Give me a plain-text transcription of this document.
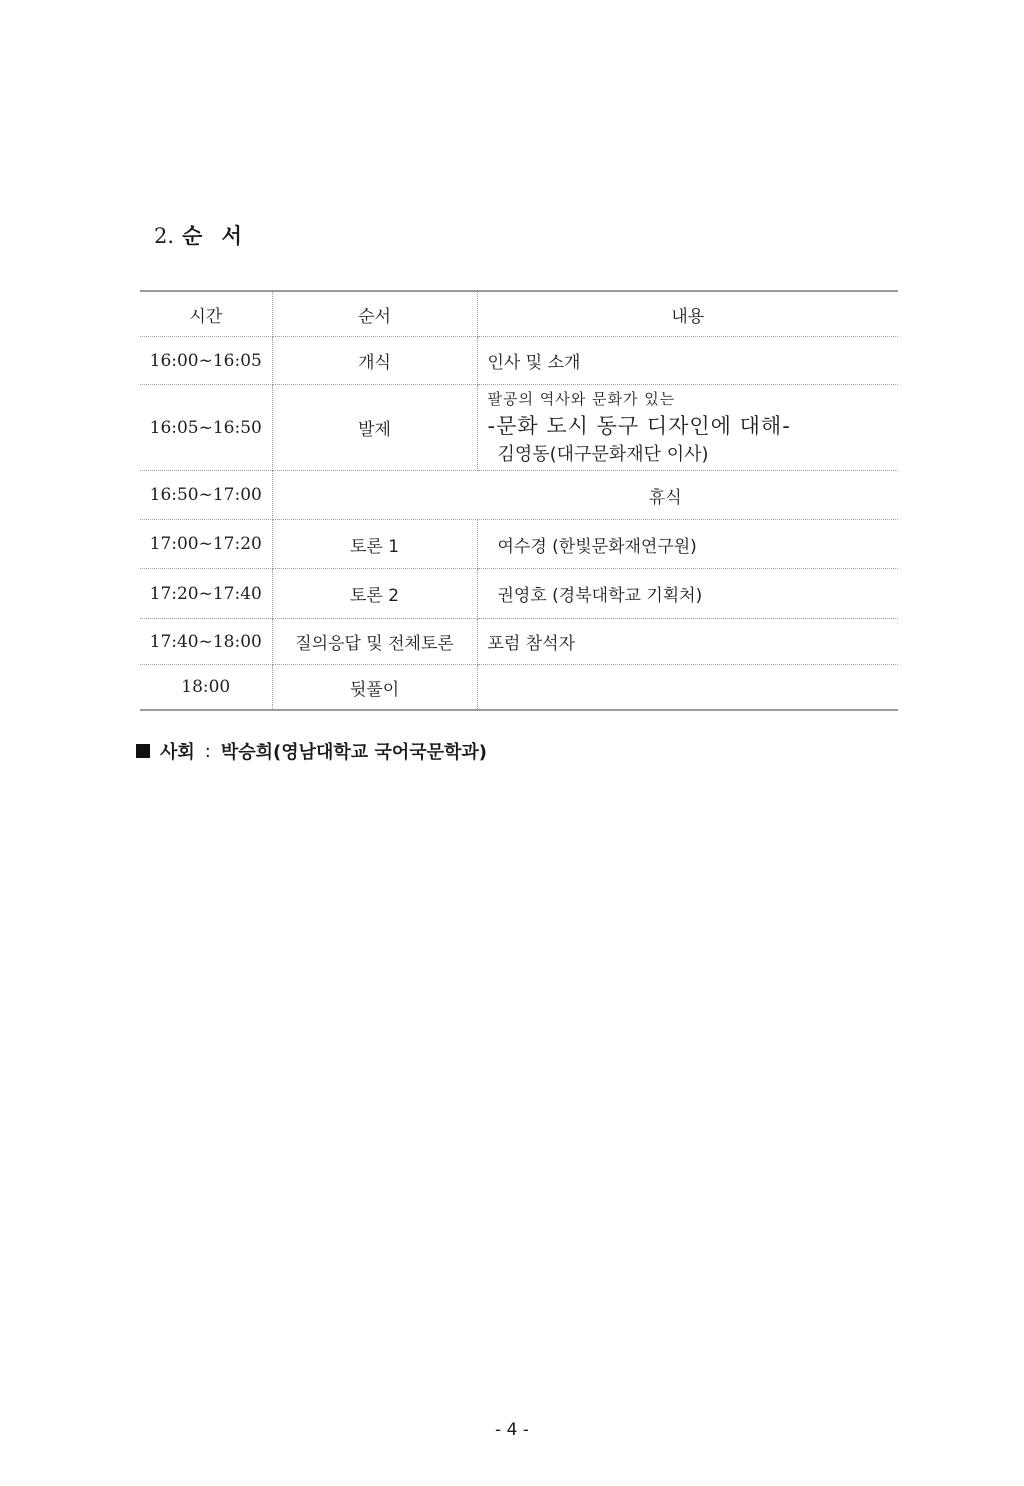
2. 순 서
시간	순서	내용
16:00~16:05	개식	인사 및 소개
16:05~16:50	발제	팔공의 역사와 문화가 있는
-문화 도시 동구 디자인에 대해-
김영동(대구문화재단 이사)

16:50~17:00	휴식	
17:00~17:20	토론 1	여수경 (한빛문화재연구원)
17:20~17:40	토론 2	권영호 (경북대학교 기획처)
17:40~18:00	질의응답 및 전체토론	포럼 참석자
18:00	뒷풀이	
사회 : 박승희(영남대학교 국어국문학과)
- 4 -
